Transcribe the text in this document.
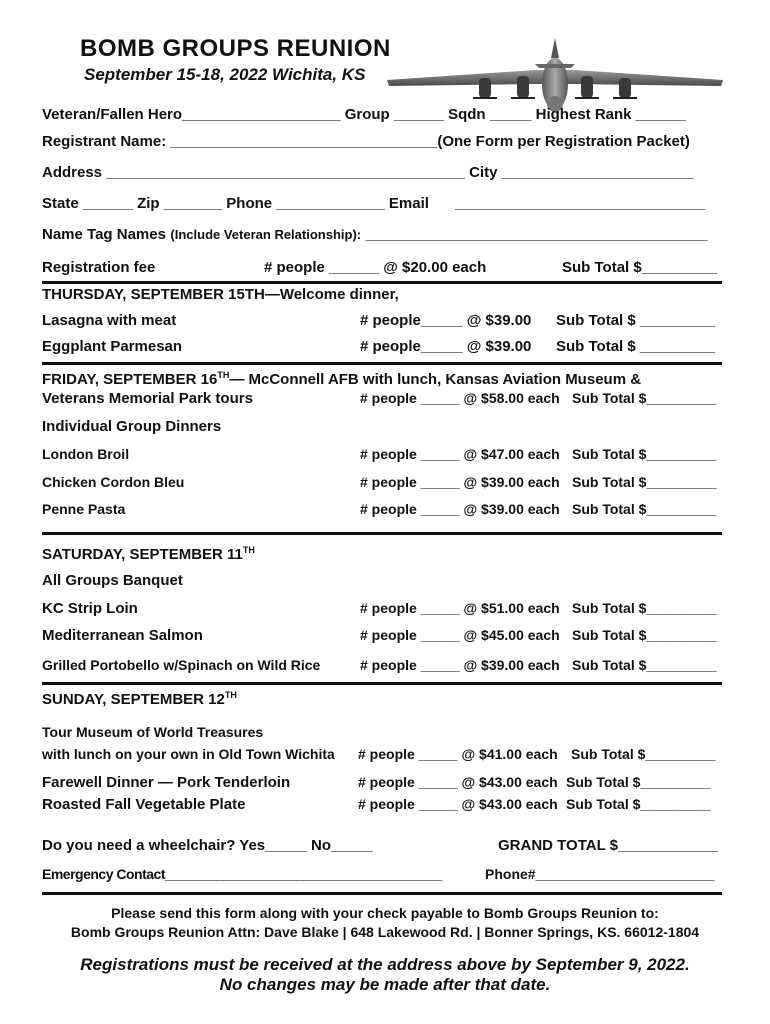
BOMB GROUPS REUNION
September 15-18, 2022 Wichita, KS
Veteran/Fallen Hero___________________ Group ______ Sqdn _____ Highest Rank ______
Registrant Name: ________________________________(One Form per Registration Packet)
Address ___________________________________________ City _______________________
State ______ Zip _______ Phone _____________ Email ______________________________
Name Tag Names (Include Veteran Relationship): _________________________________________
Registration fee	# people ______ @ $20.00 each	Sub Total $_________
THURSDAY, SEPTEMBER 15TH—Welcome dinner,
Lasagna with meat	# people_____ @ $39.00 Sub Total $ _________
Eggplant Parmesan	# people_____ @ $39.00 Sub Total $ _________
FRIDAY, SEPTEMBER 16TH— McConnell AFB with lunch, Kansas Aviation Museum &
Veterans Memorial Park tours	# people _____ @ $58.00 each Sub Total $_________
Individual Group Dinners
London Broil	# people _____ @ $47.00 each Sub Total $_________
Chicken Cordon Bleu	# people _____ @ $39.00 each Sub Total $_________
Penne Pasta	# people _____ @ $39.00 each Sub Total $_________
SATURDAY, SEPTEMBER 11TH
All Groups Banquet
KC Strip Loin	# people _____ @ $51.00 each Sub Total $_________
Mediterranean Salmon	# people _____ @ $45.00 each Sub Total $_________
Grilled Portobello w/Spinach on Wild Rice	# people _____ @ $39.00 each Sub Total $_________
SUNDAY, SEPTEMBER 12TH
Tour Museum of World Treasures
with lunch on your own in Old Town Wichita # people _____ @ $41.00 each Sub Total $_________
Farewell Dinner — Pork Tenderloin	# people _____ @ $43.00 each Sub Total $_________
Roasted Fall Vegetable Plate	# people _____ @ $43.00 each Sub Total $_________
Do you need a wheelchair? Yes_____ No_____	GRAND TOTAL $____________
Emergency Contact______________________________________	Phone#_______________________
Please send this form along with your check payable to Bomb Groups Reunion to:
Bomb Groups Reunion Attn: Dave Blake | 648 Lakewood Rd. | Bonner Springs, KS. 66012-1804
Registrations must be received at the address above by September 9, 2022.
No changes may be made after that date.
